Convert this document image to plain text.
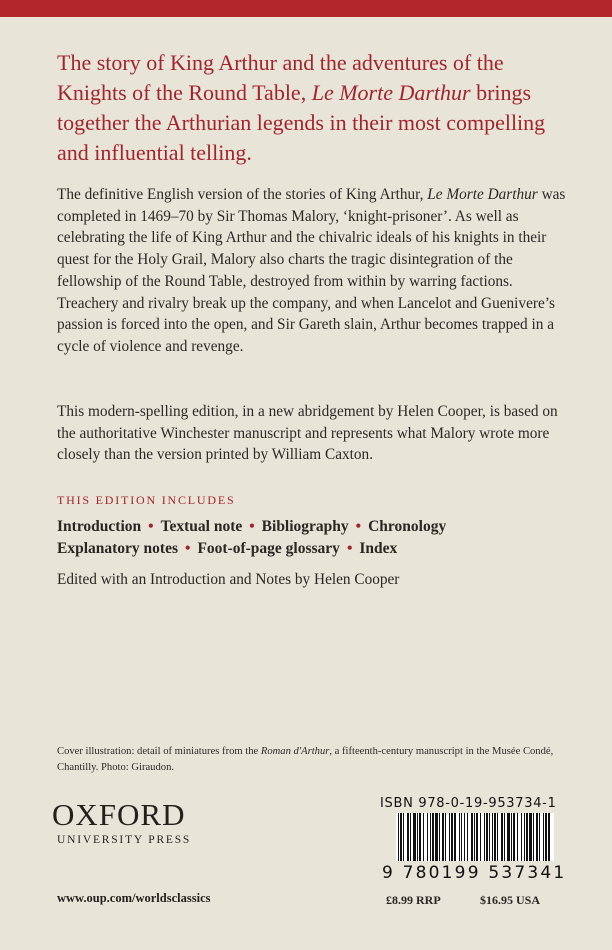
The story of King Arthur and the adventures of the Knights of the Round Table, Le Morte Darthur brings together the Arthurian legends in their most compelling and influential telling.
The definitive English version of the stories of King Arthur, Le Morte Darthur was completed in 1469–70 by Sir Thomas Malory, ‘knight-prisoner’. As well as celebrating the life of King Arthur and the chivalric ideals of his knights in their quest for the Holy Grail, Malory also charts the tragic disintegration of the fellowship of the Round Table, destroyed from within by warring factions. Treachery and rivalry break up the company, and when Lancelot and Guenivere’s passion is forced into the open, and Sir Gareth slain, Arthur becomes trapped in a cycle of violence and revenge.
This modern-spelling edition, in a new abridgement by Helen Cooper, is based on the authoritative Winchester manuscript and represents what Malory wrote more closely than the version printed by William Caxton.
THIS EDITION INCLUDES
Introduction • Textual note • Bibliography • Chronology
Explanatory notes • Foot-of-page glossary • Index
Edited with an Introduction and Notes by Helen Cooper
Cover illustration: detail of miniatures from the Roman d'Arthur, a fifteenth-century manuscript in the Musée Condé, Chantilly. Photo: Giraudon.
OXFORD
UNIVERSITY PRESS
www.oup.com/worldsclassics
ISBN 978-0-19-953734-1
9 780199 537341
£8.99 RRP	$16.95 USA
